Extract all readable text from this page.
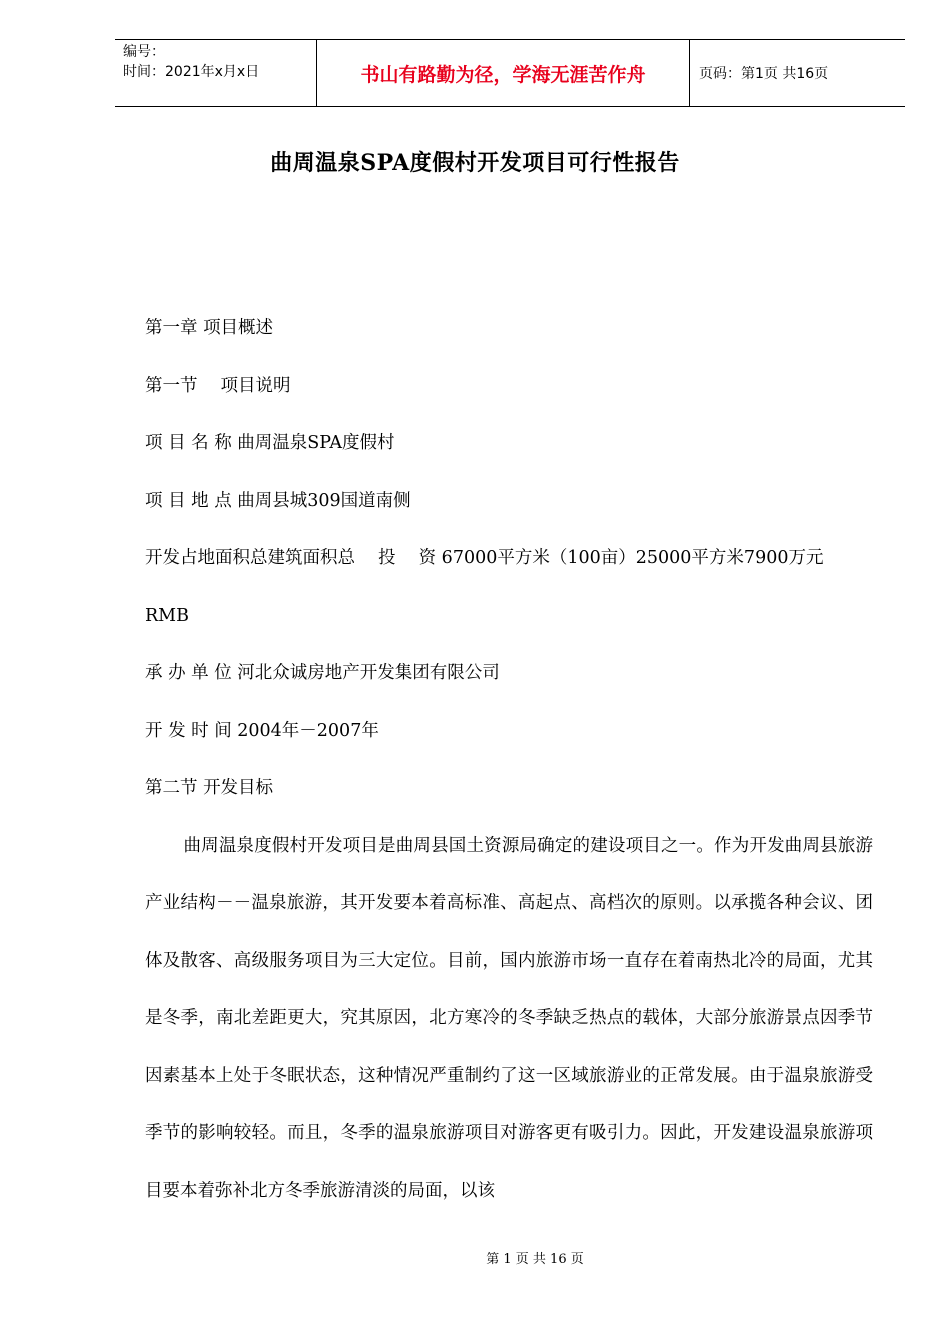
编号：
时间：2021年x月x日	书山有路勤为径，学海无涯苦作舟	页码：第1页 共16页
曲周温泉SPA度假村开发项目可行性报告
第一章 项目概述
第一节　 项目说明
项 目 名 称 曲周温泉SPA度假村
项 目 地 点 曲周县城309国道南侧
开发占地面积总建筑面积总　 投　 资 67000平方米（100亩）25000平方米7900万元
RMB
承 办 单 位 河北众诚房地产开发集团有限公司
开 发 时 间 2004年－2007年
第二节 开发目标

曲周温泉度假村开发项目是曲周县国土资源局确定的建设项目之一。作为开发曲周县旅游产业结构－－温泉旅游，其开发要本着高标准、高起点、高档次的原则。以承揽各种会议、团体及散客、高级服务项目为三大定位。目前，国内旅游市场一直存在着南热北冷的局面，尤其是冬季，南北差距更大，究其原因，北方寒冷的冬季缺乏热点的载体，大部分旅游景点因季节因素基本上处于冬眠状态，这种情况严重制约了这一区域旅游业的正常发展。由于温泉旅游受季节的影响较轻。而且，冬季的温泉旅游项目对游客更有吸引力。因此，开发建设温泉旅游项目要本着弥补北方冬季旅游清淡的局面，以该

第 1 页 共 16 页
